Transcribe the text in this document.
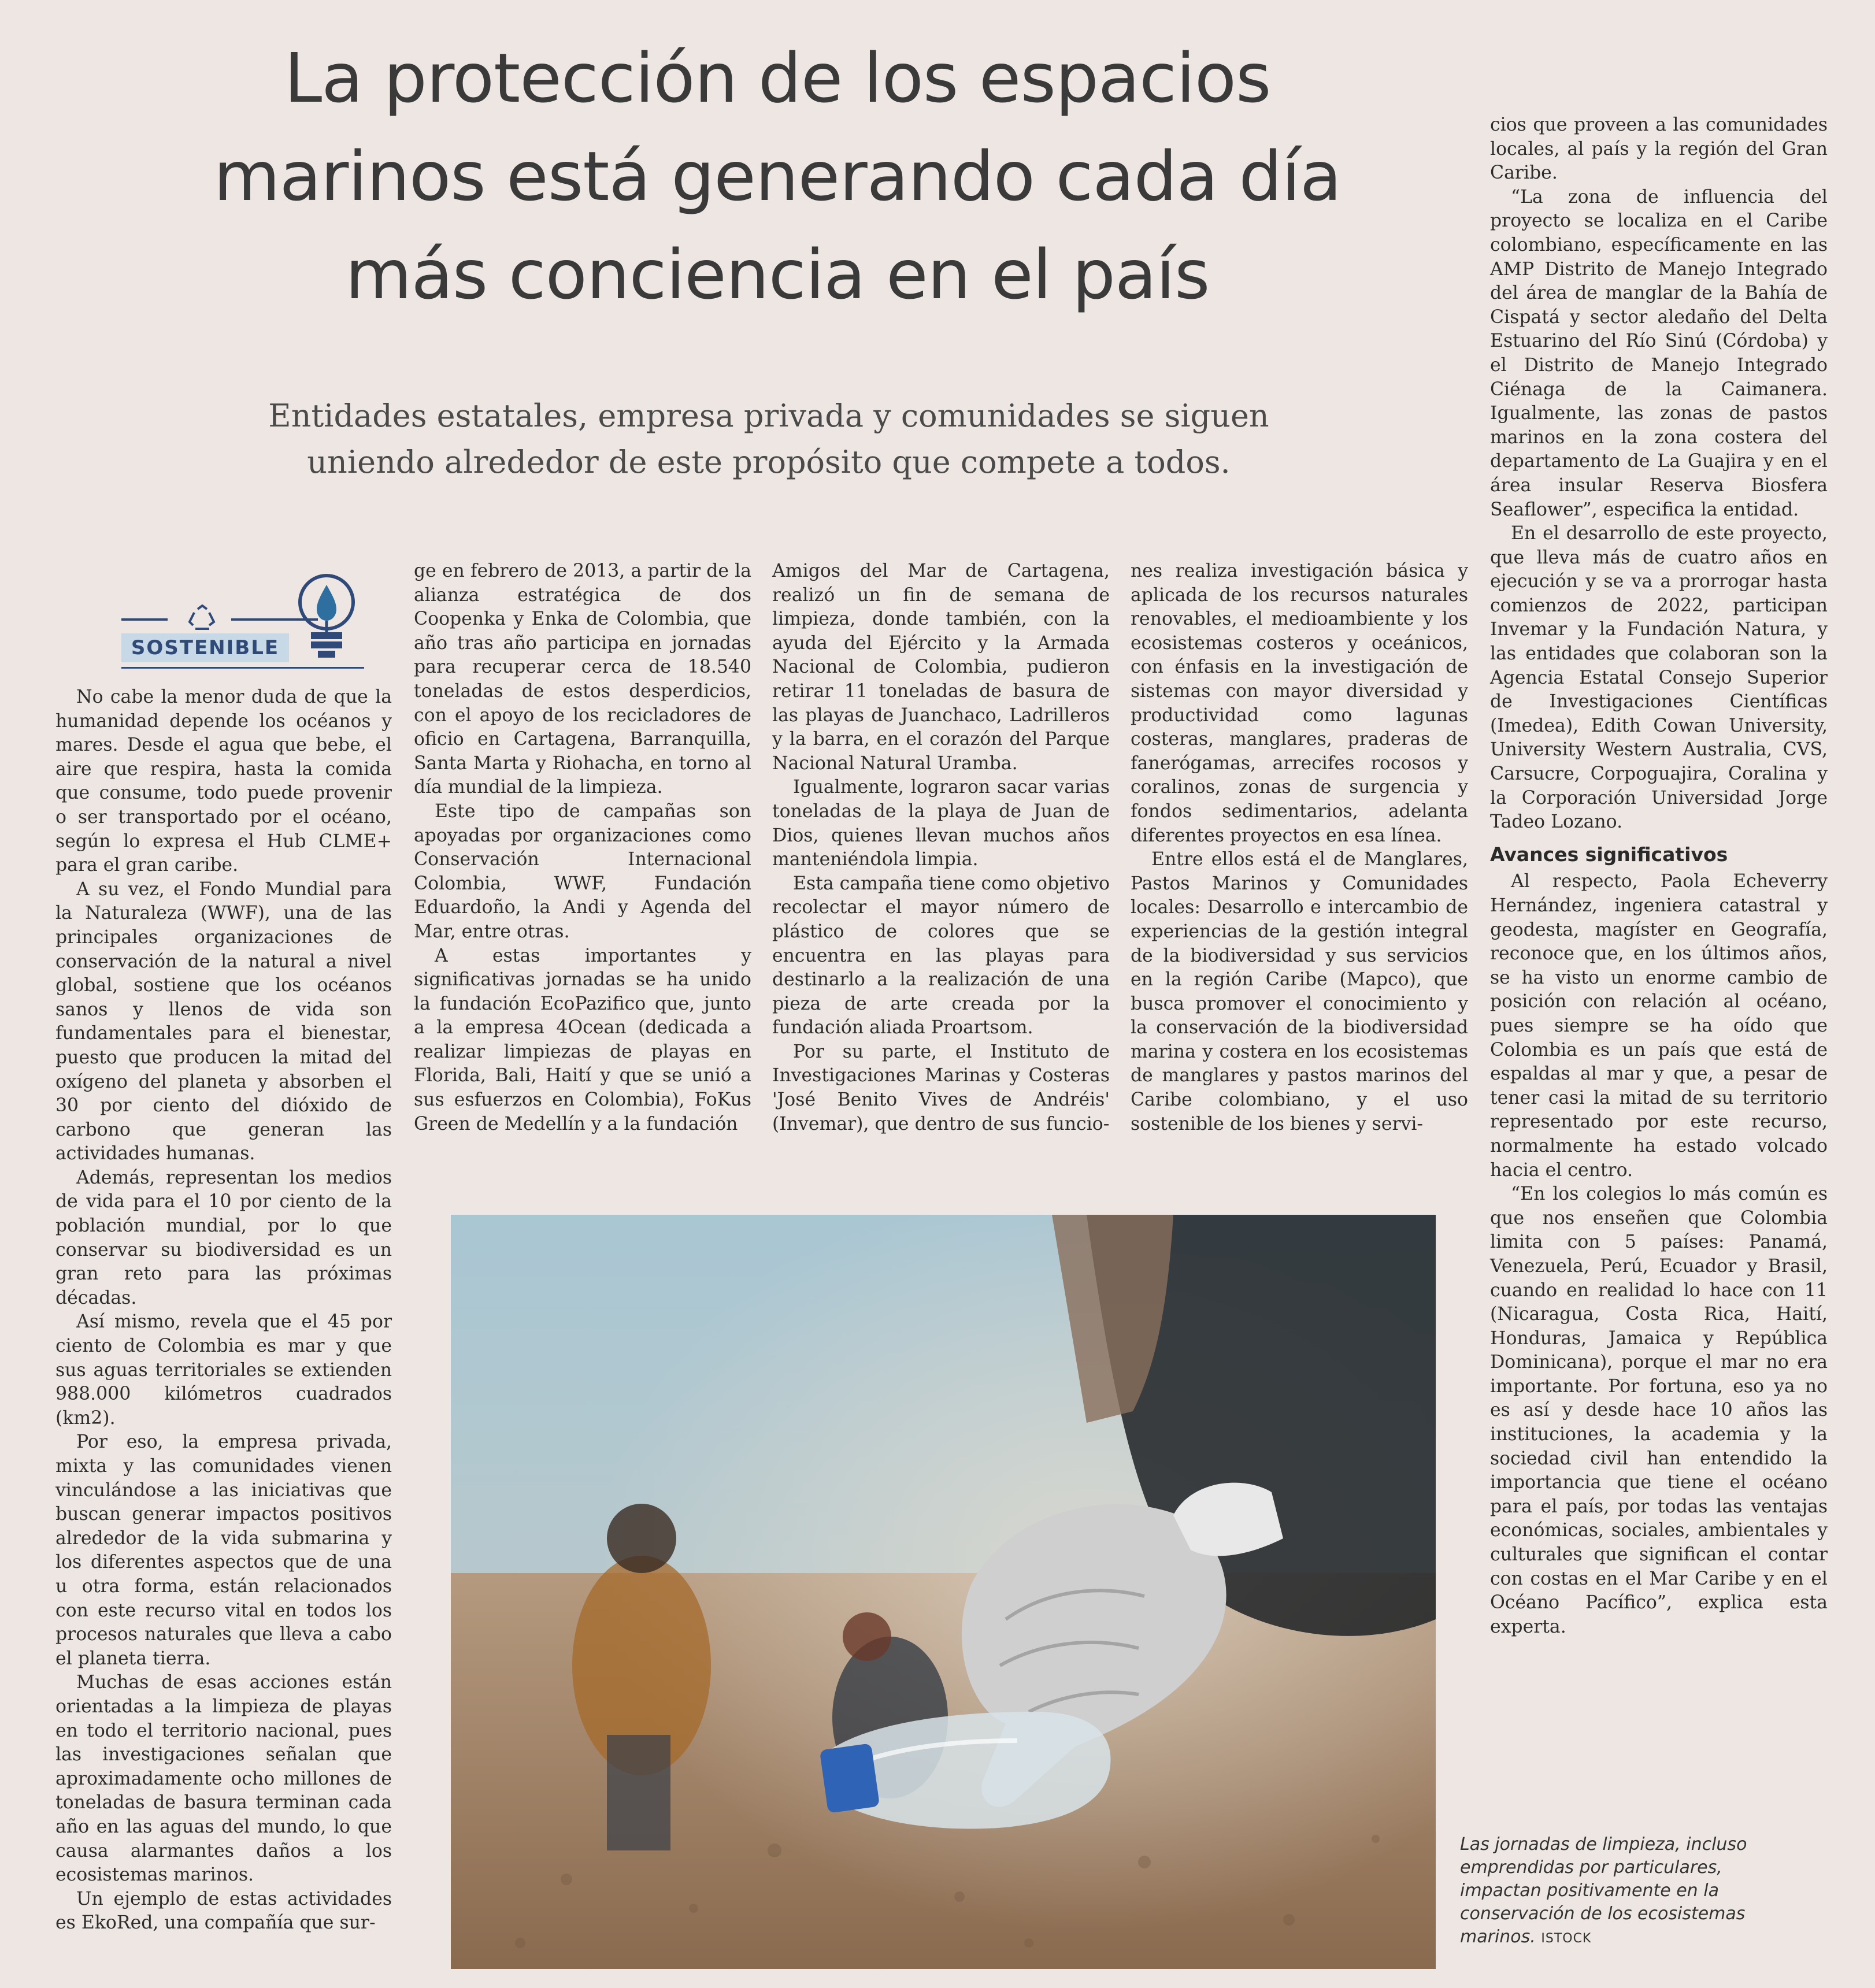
La protección de los espacios marinos está generando cada día más conciencia en el país

Entidades estatales, empresa privada y comunidades se siguen uniendo alrededor de este propósito que compete a todos.

SOSTENIBLE

No cabe la menor duda de que la humanidad depende los océanos y mares. Desde el agua que bebe, el aire que respira, hasta la comida que consume, todo puede provenir o ser transportado por el océano, según lo expresa el Hub CLME+ para el gran caribe.

A su vez, el Fondo Mundial para la Naturaleza (WWF), una de las principales organizaciones de conservación de la natural a nivel global, sostiene que los océanos sanos y llenos de vida son fundamentales para el bienestar, puesto que producen la mitad del oxígeno del planeta y absorben el 30 por ciento del dióxido de carbono que generan las actividades humanas.

Además, representan los medios de vida para el 10 por ciento de la población mundial, por lo que conservar su biodiversidad es un gran reto para las próximas décadas.

Así mismo, revela que el 45 por ciento de Colombia es mar y que sus aguas territoriales se extienden 988.000 kilómetros cuadrados (km2).

Por eso, la empresa privada, mixta y las comunidades vienen vinculándose a las iniciativas que buscan generar impactos positivos alrededor de la vida submarina y los diferentes aspectos que de una u otra forma, están relacionados con este recurso vital en todos los procesos naturales que lleva a cabo el planeta tierra.

Muchas de esas acciones están orientadas a la limpieza de playas en todo el territorio nacional, pues las investigaciones señalan que aproximadamente ocho millones de toneladas de basura terminan cada año en las aguas del mundo, lo que causa alarmantes daños a los ecosistemas marinos.

Un ejemplo de estas actividades es EkoRed, una compañía que sur-

ge en febrero de 2013, a partir de la alianza estratégica de dos Coopenka y Enka de Colombia, que año tras año participa en jornadas para recuperar cerca de 18.540 toneladas de estos desperdicios, con el apoyo de los recicladores de oficio en Cartagena, Barranquilla, Santa Marta y Riohacha, en torno al día mundial de la limpieza.

Este tipo de campañas son apoyadas por organizaciones como Conservación Internacional Colombia, WWF, Fundación Eduardoño, la Andi y Agenda del Mar, entre otras.

A estas importantes y significativas jornadas se ha unido la fundación EcoPazifico que, junto a la empresa 4Ocean (dedicada a realizar limpiezas de playas en Florida, Bali, Haití y que se unió a sus esfuerzos en Colombia), FoKus Green de Medellín y a la fundación

Amigos del Mar de Cartagena, realizó un fin de semana de limpieza, donde también, con la ayuda del Ejército y la Armada Nacional de Colombia, pudieron retirar 11 toneladas de basura de las playas de Juanchaco, Ladrilleros y la barra, en el corazón del Parque Nacional Natural Uramba.

Igualmente, lograron sacar varias toneladas de la playa de Juan de Dios, quienes llevan muchos años manteniéndola limpia.

Esta campaña tiene como objetivo recolectar el mayor número de plástico de colores que se encuentra en las playas para destinarlo a la realización de una pieza de arte creada por la fundación aliada Proartsom.

Por su parte, el Instituto de Investigaciones Marinas y Costeras 'José Benito Vives de Andréis' (Invemar), que dentro de sus funcio-

nes realiza investigación básica y aplicada de los recursos naturales renovables, el medioambiente y los ecosistemas costeros y oceánicos, con énfasis en la investigación de sistemas con mayor diversidad y productividad como lagunas costeras, manglares, praderas de fanerógamas, arrecifes rocosos y coralinos, zonas de surgencia y fondos sedimentarios, adelanta diferentes proyectos en esa línea.

Entre ellos está el de Manglares, Pastos Marinos y Comunidades locales: Desarrollo e intercambio de experiencias de la gestión integral de la biodiversidad y sus servicios en la región Caribe (Mapco), que busca promover el conocimiento y la conservación de la biodiversidad marina y costera en los ecosistemas de manglares y pastos marinos del Caribe colombiano, y el uso sostenible de los bienes y servi-

cios que proveen a las comunidades locales, al país y la región del Gran Caribe.

“La zona de influencia del proyecto se localiza en el Caribe colombiano, específicamente en las AMP Distrito de Manejo Integrado del área de manglar de la Bahía de Cispatá y sector aledaño del Delta Estuarino del Río Sinú (Córdoba) y el Distrito de Manejo Integrado Ciénaga de la Caimanera. Igualmente, las zonas de pastos marinos en la zona costera del departamento de La Guajira y en el área insular Reserva Biosfera Seaflower”, especifica la entidad.

En el desarrollo de este proyecto, que lleva más de cuatro años en ejecución y se va a prorrogar hasta comienzos de 2022, participan Invemar y la Fundación Natura, y las entidades que colaboran son la Agencia Estatal Consejo Superior de Investigaciones Científicas (Imedea), Edith Cowan University, University Western Australia, CVS, Carsucre, Corpoguajira, Coralina y la Corporación Universidad Jorge Tadeo Lozano.

Avances significativos

Al respecto, Paola Echeverry Hernández, ingeniera catastral y geodesta, magíster en Geografía, reconoce que, en los últimos años, se ha visto un enorme cambio de posición con relación al océano, pues siempre se ha oído que Colombia es un país que está de espaldas al mar y que, a pesar de tener casi la mitad de su territorio representado por este recurso, normalmente ha estado volcado hacia el centro.

“En los colegios lo más común es que nos enseñen que Colombia limita con 5 países: Panamá, Venezuela, Perú, Ecuador y Brasil, cuando en realidad lo hace con 11 (Nicaragua, Costa Rica, Haití, Honduras, Jamaica y República Dominicana), porque el mar no era importante. Por fortuna, eso ya no es así y desde hace 10 años las instituciones, la academia y la sociedad civil han entendido la importancia que tiene el océano para el país, por todas las ventajas económicas, sociales, ambientales y culturales que significan el contar con costas en el Mar Caribe y en el Océano Pacífico”, explica esta experta.

Las jornadas de limpieza, incluso emprendidas por particulares, impactan positivamente en la conservación de los ecosistemas marinos. ISTOCK
